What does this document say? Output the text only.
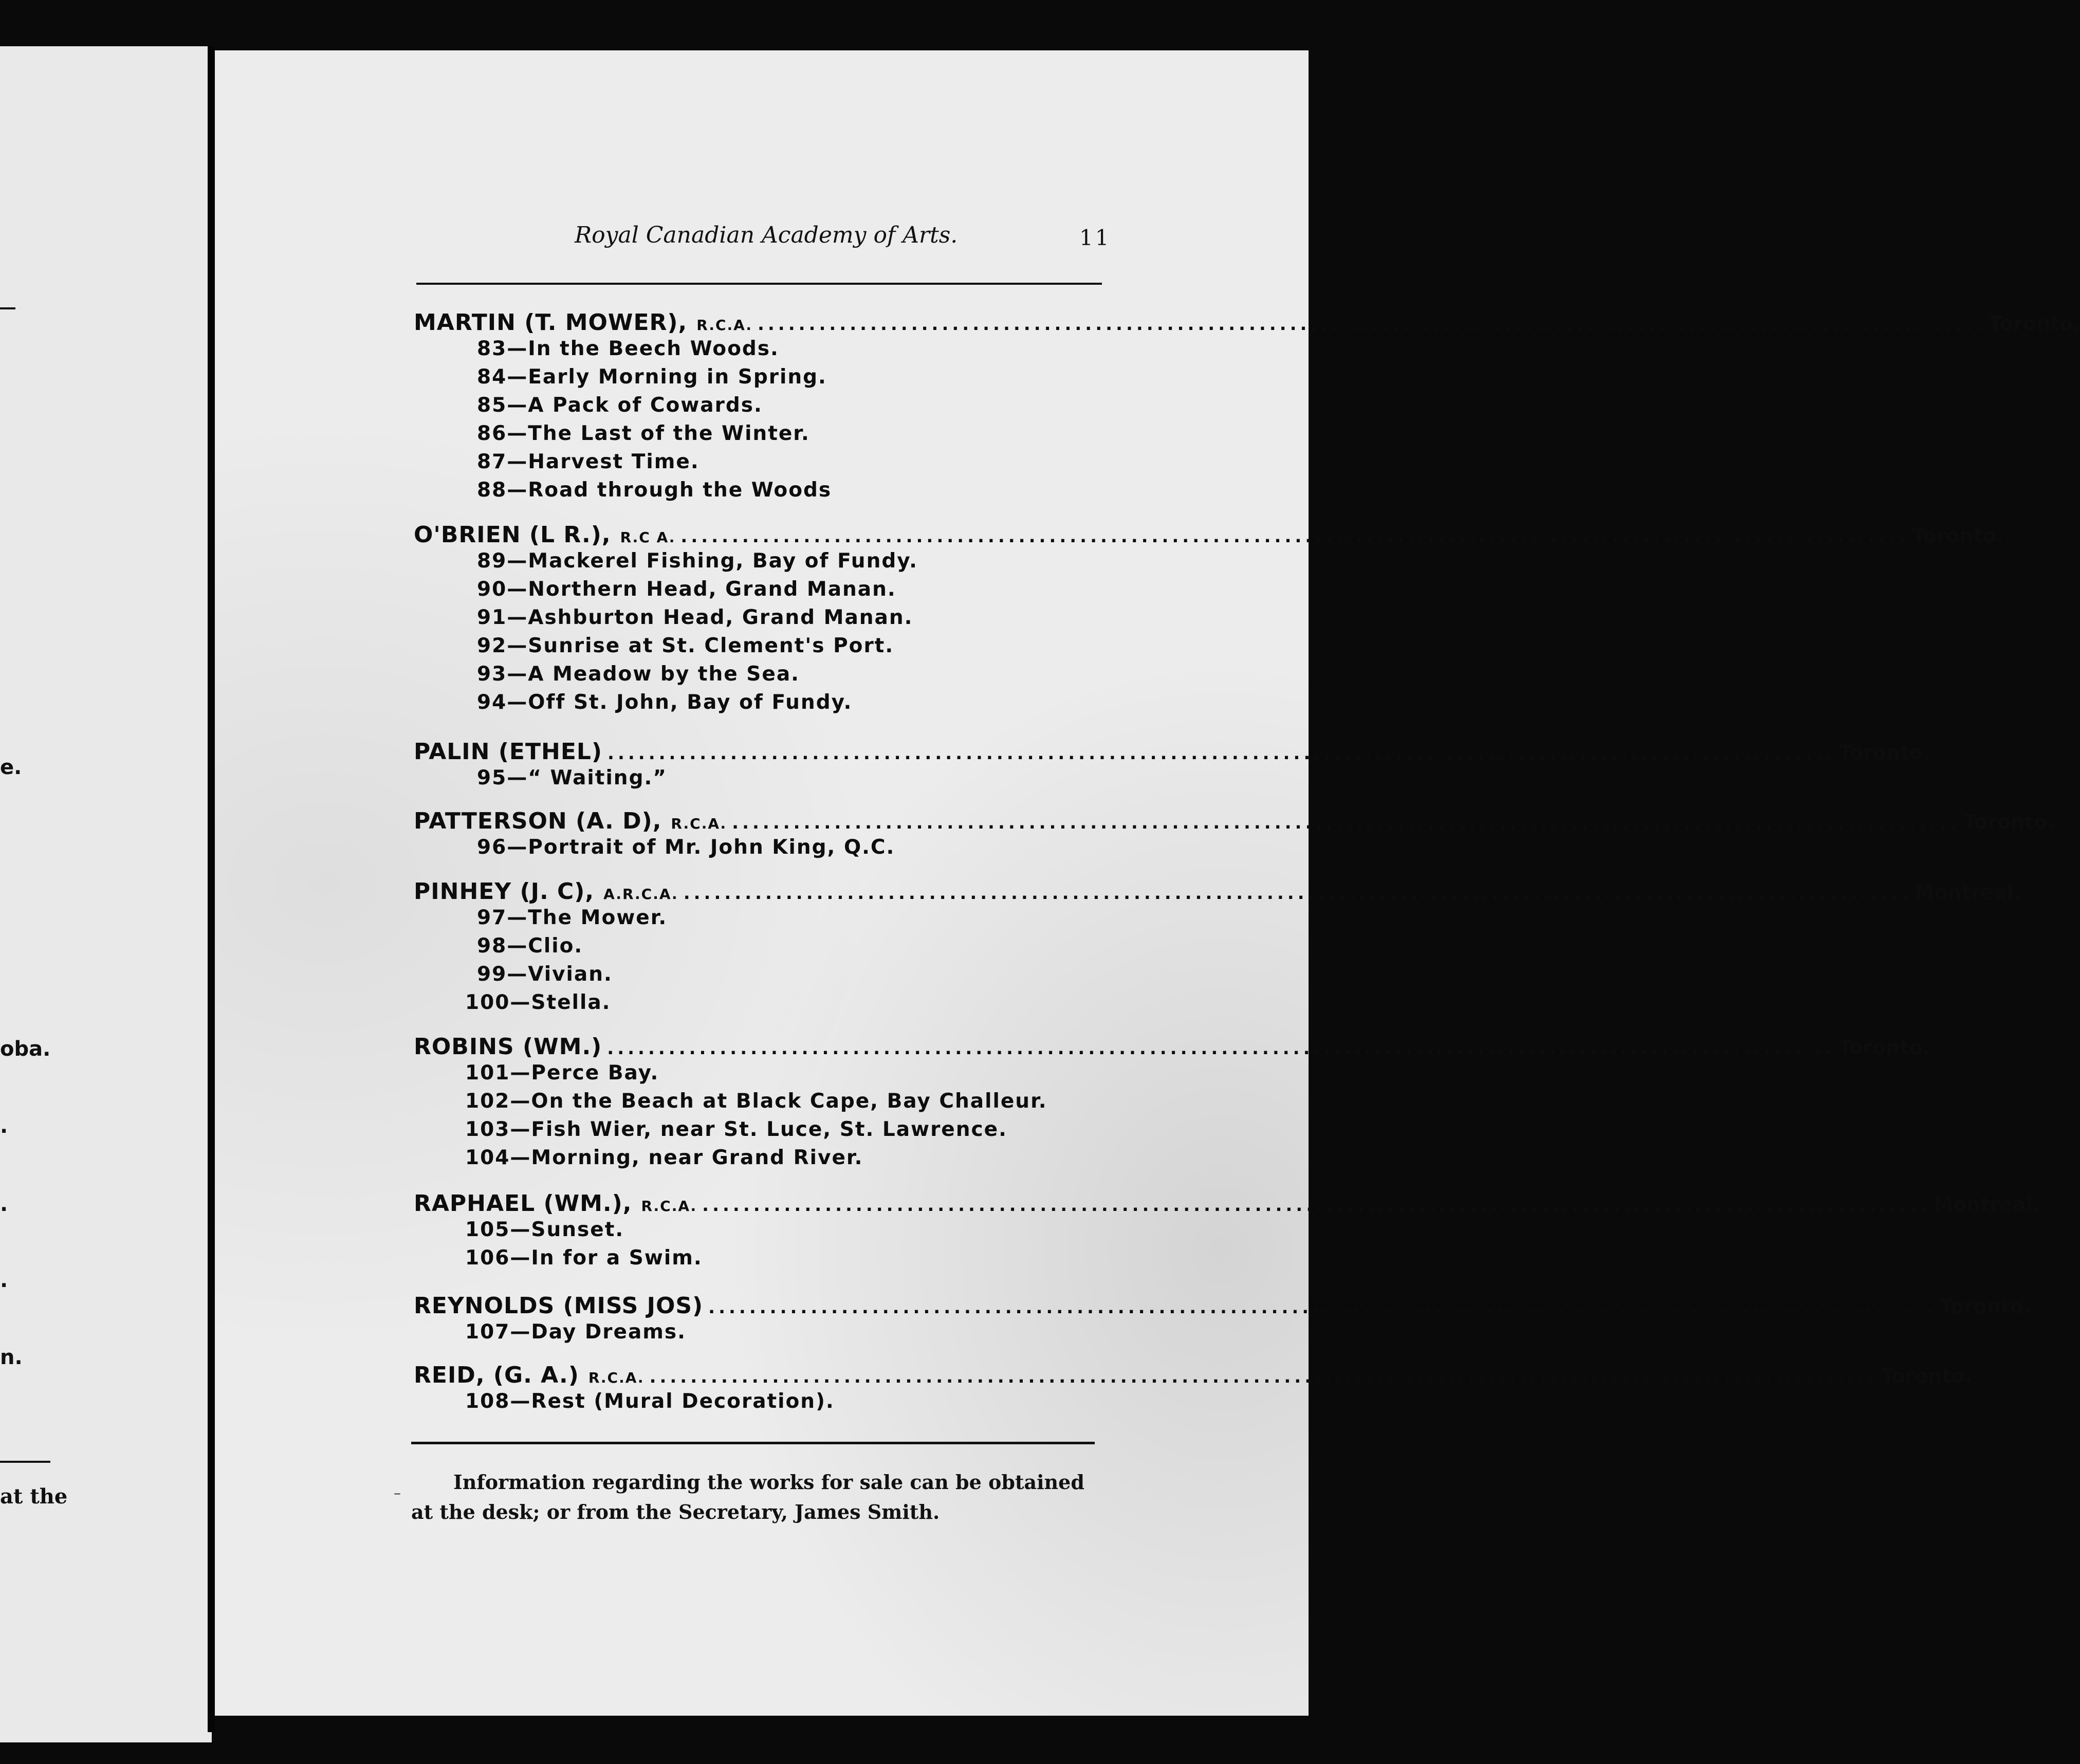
e.
oba.
.
.
.
n.
at the
Royal Canadian Academy of Arts.	11
MARTIN (T. MOWER), R.C.A. ........................................................................................................................ Toronto.
83—In the Beech Woods.
84—Early Morning in Spring.
85—A Pack of Cowards.
86—The Last of the Winter.
87—Harvest Time.
88—Road through the Woods
O'BRIEN (L R.), R.C A. ........................................................................................................................ Toronto.
89—Mackerel Fishing, Bay of Fundy.
90—Northern Head, Grand Manan.
91—Ashburton Head, Grand Manan.
92—Sunrise at St. Clement's Port.
93—A Meadow by the Sea.
94—Off St. John, Bay of Fundy.
PALIN (ETHEL) ........................................................................................................................ Toronto.
95—“ Waiting.”
PATTERSON (A. D), R.C.A. ........................................................................................................................ Toronto.
96—Portrait of Mr. John King, Q.C.
PINHEY (J. C), A.R.C.A. ........................................................................................................................ Montreal.
97—The Mower.
98—Clio.
99—Vivian.
100—Stella.
ROBINS (WM.) ........................................................................................................................ Toronto.
101—Perce Bay.
102—On the Beach at Black Cape, Bay Challeur.
103—Fish Wier, near St. Luce, St. Lawrence.
104—Morning, near Grand River.
RAPHAEL (WM.), R.C.A. ........................................................................................................................ Montreal.
105—Sunset.
106—In for a Swim.
REYNOLDS (MISS JOS) ........................................................................................................................ Toronto.
107—Day Dreams.
REID, (G. A.) R.C.A. ........................................................................................................................ Toronto.
108—Rest (Mural Decoration).
–	Information regarding the works for sale can be obtained at the desk; or from the Secretary, James Smith.
